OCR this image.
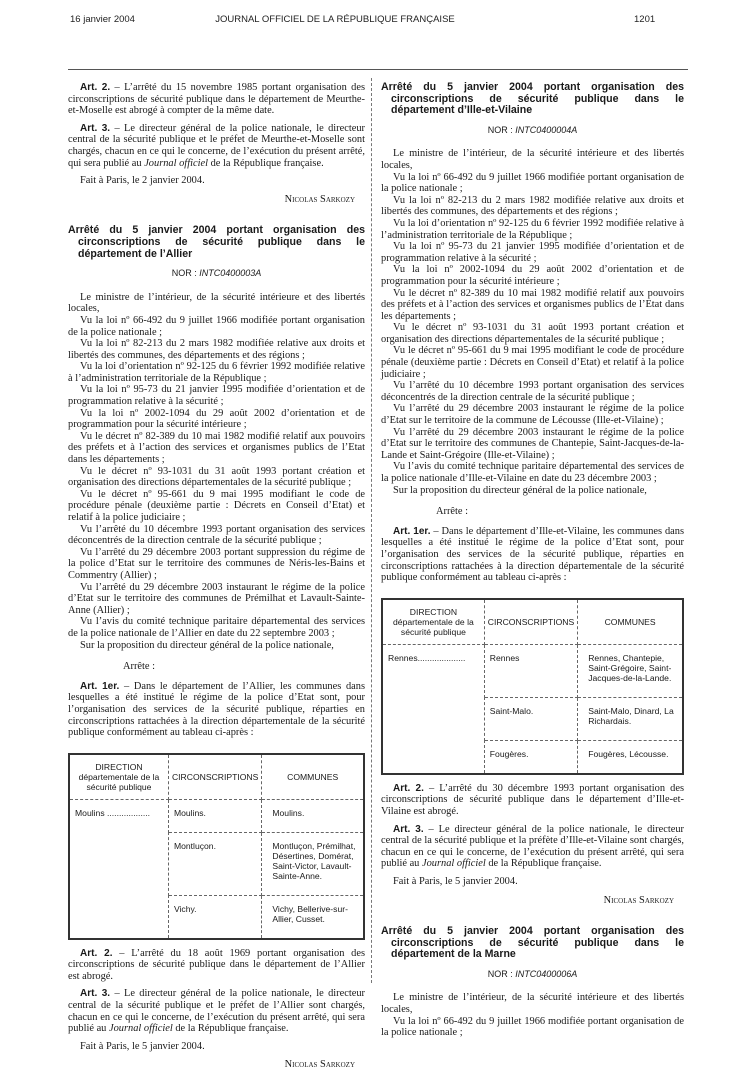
16 janvier 2004	JOURNAL OFFICIEL DE LA RÉPUBLIQUE FRANÇAISE	1201

Art. 2. – L’arrêté du 15 novembre 1985 portant organisation des circonscriptions de sécurité publique dans le département de Meurthe-et-Moselle est abrogé à compter de la même date.

Art. 3. – Le directeur général de la police nationale, le directeur central de la sécurité publique et le préfet de Meurthe-et-Moselle sont chargés, chacun en ce qui le concerne, de l’exécution du présent arrêté, qui sera publié au Journal officiel de la République française.

Fait à Paris, le 2 janvier 2004.

Nicolas Sarkozy

Arrêté du 5 janvier 2004 portant organisation des circonscriptions de sécurité publique dans le département de l’Allier

NOR : INTC0400003A

Le ministre de l’intérieur, de la sécurité intérieure et des libertés locales,

Vu la loi nº 66-492 du 9 juillet 1966 modifiée portant organisation de la police nationale ;

Vu la loi nº 82-213 du 2 mars 1982 modifiée relative aux droits et libertés des communes, des départements et des régions ;

Vu la loi d’orientation nº 92-125 du 6 février 1992 modifiée relative à l’administration territoriale de la République ;

Vu la loi nº 95-73 du 21 janvier 1995 modifiée d’orientation et de programmation relative à la sécurité ;

Vu la loi nº 2002-1094 du 29 août 2002 d’orientation et de programmation pour la sécurité intérieure ;

Vu le décret nº 82-389 du 10 mai 1982 modifié relatif aux pouvoirs des préfets et à l’action des services et organismes publics de l’Etat dans les départements ;

Vu le décret nº 93-1031 du 31 août 1993 portant création et organisation des directions départementales de la sécurité publique ;

Vu le décret nº 95-661 du 9 mai 1995 modifiant le code de procédure pénale (deuxième partie : Décrets en Conseil d’Etat) et relatif à la police judiciaire ;

Vu l’arrêté du 10 décembre 1993 portant organisation des services déconcentrés de la direction centrale de la sécurité publique ;

Vu l’arrêté du 29 décembre 2003 portant suppression du régime de la police d’Etat sur le territoire des communes de Néris-les-Bains et Commentry (Allier) ;

Vu l’arrêté du 29 décembre 2003 instaurant le régime de la police d’Etat sur le territoire des communes de Prémilhat et Lavault-Sainte-Anne (Allier) ;

Vu l’avis du comité technique paritaire départemental des services de la police nationale de l’Allier en date du 22 septembre 2003 ;

Sur la proposition du directeur général de la police nationale,

Arrête :

Art. 1er. – Dans le département de l’Allier, les communes dans lesquelles a été institué le régime de la police d’Etat sont, pour l’organisation des services de la sécurité publique, réparties en circonscriptions rattachées à la direction départementale de la sécurité publique conformément au tableau ci-après :

DIRECTION départementale de la sécurité publique	CIRCONSCRIPTIONS	COMMUNES
Moulins ..................	Moulins.	Moulins.
	Montluçon.	Montluçon, Prémilhat, Désertines, Domérat, Saint-Victor, Lavault-Sainte-Anne.
	Vichy.	Vichy, Bellerive-sur-Allier, Cusset.

Art. 2. – L’arrêté du 18 août 1969 portant organisation des circonscriptions de sécurité publique dans le département de l’Allier est abrogé.

Art. 3. – Le directeur général de la police nationale, le directeur central de la sécurité publique et le préfet de l’Allier sont chargés, chacun en ce qui le concerne, de l’exécution du présent arrêté, qui sera publié au Journal officiel de la République française.

Fait à Paris, le 5 janvier 2004.

Nicolas Sarkozy

Arrêté du 5 janvier 2004 portant organisation des circonscriptions de sécurité publique dans le département d’Ille-et-Vilaine

NOR : INTC0400004A

Le ministre de l’intérieur, de la sécurité intérieure et des libertés locales,

Vu la loi nº 66-492 du 9 juillet 1966 modifiée portant organisation de la police nationale ;

Vu la loi nº 82-213 du 2 mars 1982 modifiée relative aux droits et libertés des communes, des départements et des régions ;

Vu la loi d’orientation nº 92-125 du 6 février 1992 modifiée relative à l’administration territoriale de la République ;

Vu la loi nº 95-73 du 21 janvier 1995 modifiée d’orientation et de programmation relative à la sécurité ;

Vu la loi nº 2002-1094 du 29 août 2002 d’orientation et de programmation pour la sécurité intérieure ;

Vu le décret nº 82-389 du 10 mai 1982 modifié relatif aux pouvoirs des préfets et à l’action des services et organismes publics de l’Etat dans les départements ;

Vu le décret nº 93-1031 du 31 août 1993 portant création et organisation des directions départementales de la sécurité publique ;

Vu le décret nº 95-661 du 9 mai 1995 modifiant le code de procédure pénale (deuxième partie : Décrets en Conseil d’Etat) et relatif à la police judiciaire ;

Vu l’arrêté du 10 décembre 1993 portant organisation des services déconcentrés de la direction centrale de la sécurité publique ;

Vu l’arrêté du 29 décembre 2003 instaurant le régime de la police d’Etat sur le territoire de la commune de Lécousse (Ille-et-Vilaine) ;

Vu l’arrêté du 29 décembre 2003 instaurant le régime de la police d’Etat sur le territoire des communes de Chantepie, Saint-Jacques-de-la-Lande et Saint-Grégoire (Ille-et-Vilaine) ;

Vu l’avis du comité technique paritaire départemental des services de la police nationale d’Ille-et-Vilaine en date du 23 décembre 2003 ;

Sur la proposition du directeur général de la police nationale,

Arrête :

Art. 1er. – Dans le département d’Ille-et-Vilaine, les communes dans lesquelles a été institué le régime de la police d’Etat sont, pour l’organisation des services de la sécurité publique, réparties en circonscriptions rattachées à la direction départementale de la sécurité publique conformément au tableau ci-après :

DIRECTION départementale de la sécurité publique	CIRCONSCRIPTIONS	COMMUNES
Rennes....................	Rennes	Rennes, Chantepie, Saint-Grégoire, Saint-Jacques-de-la-Lande.
	Saint-Malo.	Saint-Malo, Dinard, La Richardais.
	Fougères.	Fougères, Lécousse.

Art. 2. – L’arrêté du 30 décembre 1993 portant organisation des circonscriptions de sécurité publique dans le département d’Ille-et-Vilaine est abrogé.

Art. 3. – Le directeur général de la police nationale, le directeur central de la sécurité publique et la préfète d’Ille-et-Vilaine sont chargés, chacun en ce qui le concerne, de l’exécution du présent arrêté, qui sera publié au Journal officiel de la République française.

Fait à Paris, le 5 janvier 2004.

Nicolas Sarkozy

Arrêté du 5 janvier 2004 portant organisation des circonscriptions de sécurité publique dans le département de la Marne

NOR : INTC0400006A

Le ministre de l’intérieur, de la sécurité intérieure et des libertés locales,

Vu la loi nº 66-492 du 9 juillet 1966 modifiée portant organisation de la police nationale ;
